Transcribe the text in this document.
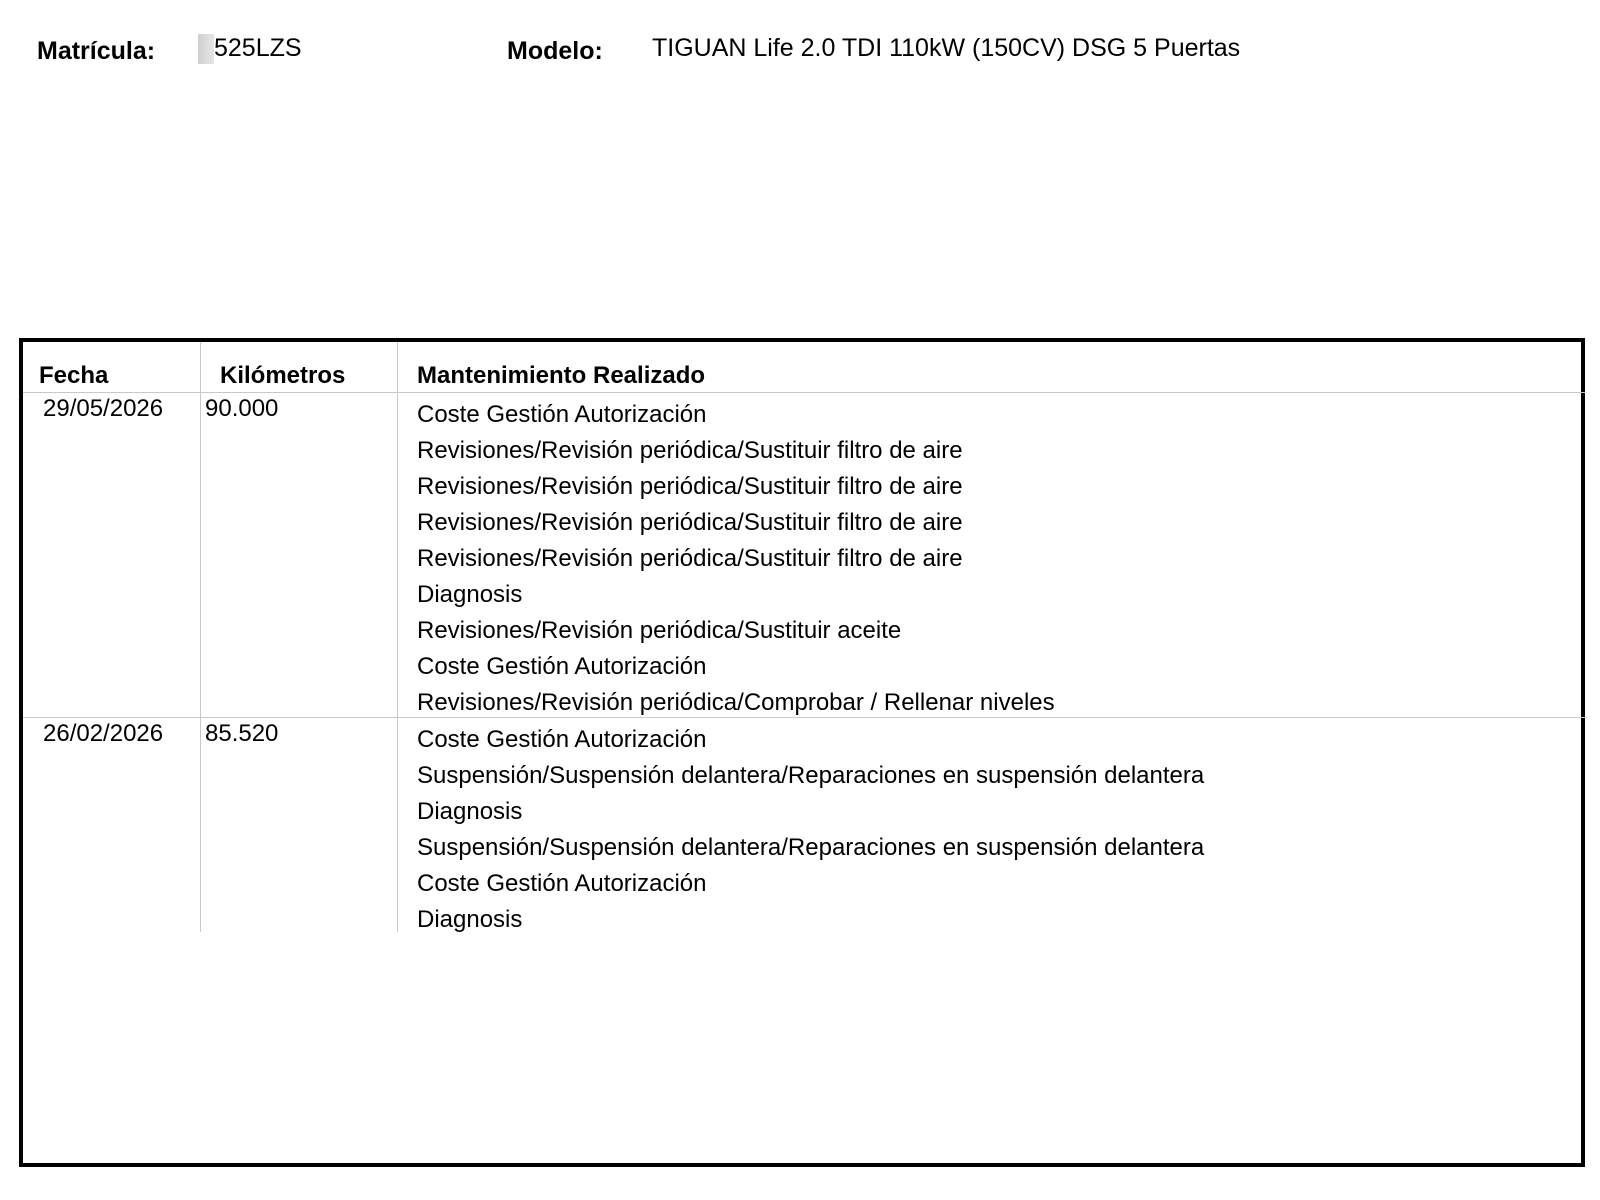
Matrícula: 525LZS	Modelo: TIGUAN Life 2.0 TDI 110kW (150CV) DSG 5 Puertas
Fecha	Kilómetros	Mantenimiento Realizado
29/05/2026 90.000	Coste Gestión Autorización
Revisiones/Revisión periódica/Sustituir filtro de aire
Revisiones/Revisión periódica/Sustituir filtro de aire
Revisiones/Revisión periódica/Sustituir filtro de aire
Revisiones/Revisión periódica/Sustituir filtro de aire
Diagnosis
Revisiones/Revisión periódica/Sustituir aceite
Coste Gestión Autorización
Revisiones/Revisión periódica/Comprobar / Rellenar niveles
26/02/2026 85.520	Coste Gestión Autorización
Suspensión/Suspensión delantera/Reparaciones en suspensión delantera
Diagnosis
Suspensión/Suspensión delantera/Reparaciones en suspensión delantera
Coste Gestión Autorización
Diagnosis
